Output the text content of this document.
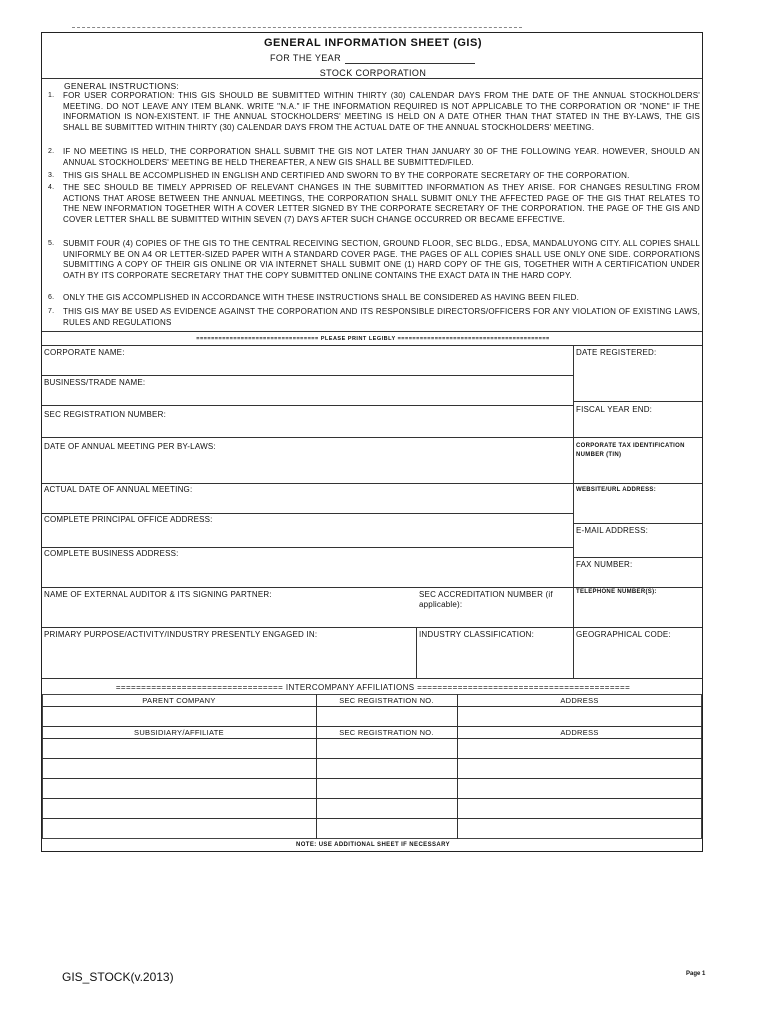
GENERAL INFORMATION SHEET (GIS)
FOR THE YEAR
STOCK CORPORATION
GENERAL INSTRUCTIONS:
1.	FOR USER CORPORATION: THIS GIS SHOULD BE SUBMITTED WITHIN THIRTY (30) CALENDAR DAYS FROM THE DATE OF THE ANNUAL STOCKHOLDERS' MEETING. DO NOT LEAVE ANY ITEM BLANK. WRITE "N.A." IF THE INFORMATION REQUIRED IS NOT APPLICABLE TO THE CORPORATION OR "NONE" IF THE INFORMATION IS NON-EXISTENT. IF THE ANNUAL STOCKHOLDERS' MEETING IS HELD ON A DATE OTHER THAN THAT STATED IN THE BY-LAWS, THE GIS SHALL BE SUBMITTED WITHIN THIRTY (30) CALENDAR DAYS FROM THE ACTUAL DATE OF THE ANNUAL STOCKHOLDERS' MEETING.
2.	IF NO MEETING IS HELD, THE CORPORATION SHALL SUBMIT THE GIS NOT LATER THAN JANUARY 30 OF THE FOLLOWING YEAR. HOWEVER, SHOULD AN ANNUAL STOCKHOLDERS' MEETING BE HELD THEREAFTER, A NEW GIS SHALL BE SUBMITTED/FILED.
3.	THIS GIS SHALL BE ACCOMPLISHED IN ENGLISH AND CERTIFIED AND SWORN TO BY THE CORPORATE SECRETARY OF THE CORPORATION.
4.	THE SEC SHOULD BE TIMELY APPRISED OF RELEVANT CHANGES IN THE SUBMITTED INFORMATION AS THEY ARISE. FOR CHANGES RESULTING FROM ACTIONS THAT AROSE BETWEEN THE ANNUAL MEETINGS, THE CORPORATION SHALL SUBMIT ONLY THE AFFECTED PAGE OF THE GIS THAT RELATES TO THE NEW INFORMATION TOGETHER WITH A COVER LETTER SIGNED BY THE CORPORATE SECRETARY OF THE CORPORATION. THE PAGE OF THE GIS AND COVER LETTER SHALL BE SUBMITTED WITHIN SEVEN (7) DAYS AFTER SUCH CHANGE OCCURRED OR BECAME EFFECTIVE.
5.	SUBMIT FOUR (4) COPIES OF THE GIS TO THE CENTRAL RECEIVING SECTION, GROUND FLOOR, SEC BLDG., EDSA, MANDALUYONG CITY. ALL COPIES SHALL UNIFORMLY BE ON A4 OR LETTER-SIZED PAPER WITH A STANDARD COVER PAGE. THE PAGES OF ALL COPIES SHALL USE ONLY ONE SIDE. CORPORATIONS SUBMITTING A COPY OF THEIR GIS ONLINE OR VIA INTERNET SHALL SUBMIT ONE (1) HARD COPY OF THE GIS, TOGETHER WITH A CERTIFICATION UNDER OATH BY ITS CORPORATE SECRETARY THAT THE COPY SUBMITTED ONLINE CONTAINS THE EXACT DATA IN THE HARD COPY.
6.	ONLY THE GIS ACCOMPLISHED IN ACCORDANCE WITH THESE INSTRUCTIONS SHALL BE CONSIDERED AS HAVING BEEN FILED.
7.	THIS GIS MAY BE USED AS EVIDENCE AGAINST THE CORPORATION AND ITS RESPONSIBLE DIRECTORS/OFFICERS FOR ANY VIOLATION OF EXISTING LAWS, RULES AND REGULATIONS
================================= PLEASE PRINT LEGIBLY =========================================
CORPORATE NAME:
BUSINESS/TRADE NAME:
SEC REGISTRATION NUMBER:
DATE OF ANNUAL MEETING PER BY-LAWS:
ACTUAL DATE OF ANNUAL MEETING:
COMPLETE PRINCIPAL OFFICE ADDRESS:
COMPLETE BUSINESS ADDRESS:
NAME OF EXTERNAL AUDITOR & ITS SIGNING PARTNER:	SEC ACCREDITATION NUMBER (if applicable):
PRIMARY PURPOSE/ACTIVITY/INDUSTRY PRESENTLY ENGAGED IN:	INDUSTRY CLASSIFICATION:
DATE REGISTERED:
FISCAL YEAR END:
CORPORATE TAX IDENTIFICATION NUMBER (TIN)
WEBSITE/URL ADDRESS:
E-MAIL ADDRESS:
FAX NUMBER:
TELEPHONE NUMBER(S):
GEOGRAPHICAL CODE:
================================= INTERCOMPANY AFFILIATIONS ==========================================
PARENT COMPANY	SEC REGISTRATION NO.	ADDRESS
SUBSIDIARY/AFFILIATE	SEC REGISTRATION NO.	ADDRESS
NOTE: USE ADDITIONAL SHEET IF NECESSARY
GIS_STOCK(v.2013)	Page 1
